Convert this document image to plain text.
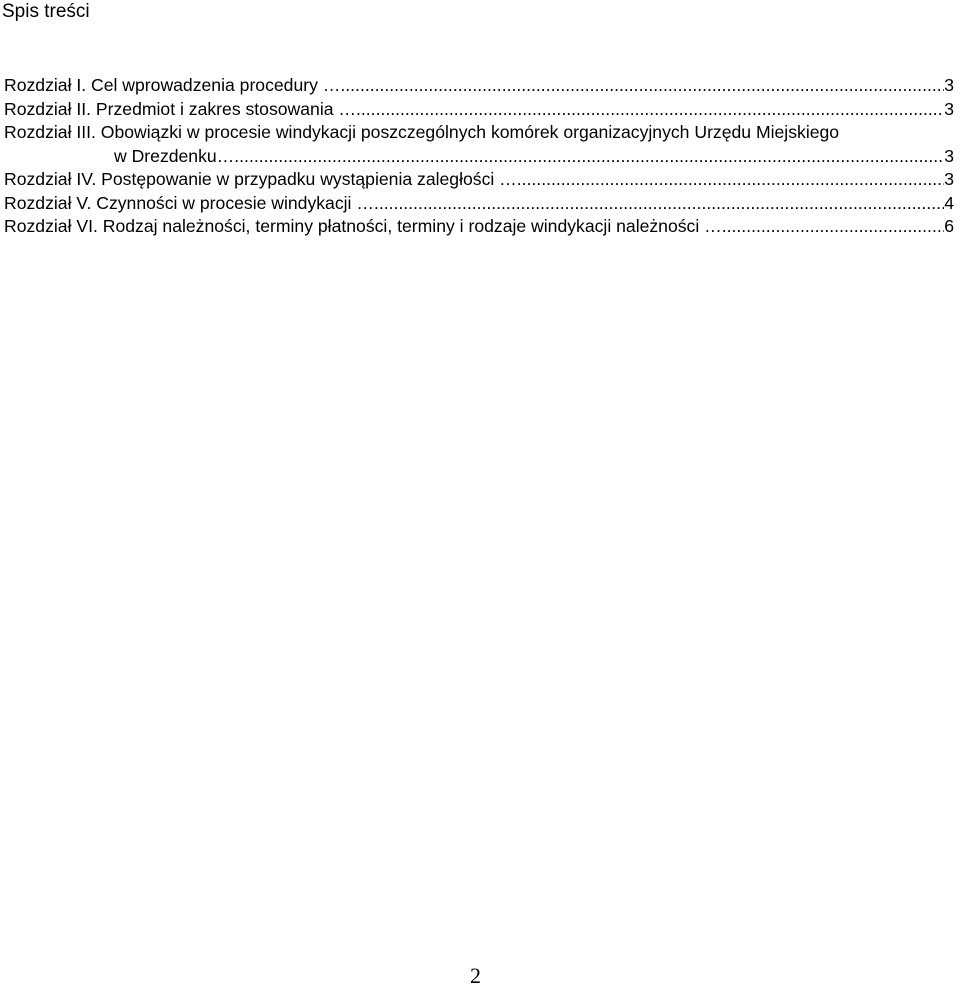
Spis treści
Rozdział I. Cel wprowadzenia procedury … .....	3
Rozdział II. Przedmiot i zakres stosowania … .....	3
Rozdział III. Obowiązki w procesie windykacji poszczególnych komórek organizacyjnych Urzędu Miejskiego
w Drezdenku… .....	3
Rozdział IV. Postępowanie w przypadku wystąpienia zaległości … .....	3
Rozdział V. Czynności w procesie windykacji … .....	4
Rozdział VI. Rodzaj należności, terminy płatności, terminy i rodzaje windykacji należności … .....	6
2
